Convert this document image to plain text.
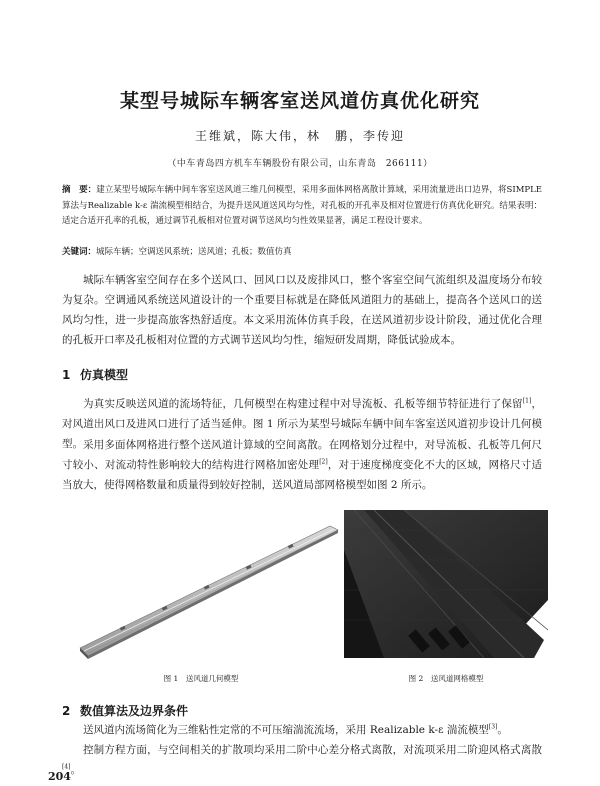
某型号城际车辆客室送风道仿真优化研究
王维斌，陈大伟，林　鹏，李传迎
（中车青岛四方机车车辆股份有限公司，山东青岛　266111）
摘　要：建立某型号城际车辆中间车客室送风道三维几何模型，采用多面体网格离散计算域，采用流量进出口边界，将SIMPLE算法与Realizable k-ε 湍流模型相结合，为提升送风道送风均匀性，对孔板的开孔率及相对位置进行仿真优化研究。结果表明：适定合适开孔率的孔板，通过调节孔板相对位置对调节送风均匀性效果显著，满足工程设计要求。
关键词：城际车辆；空调送风系统；送风道；孔板；数值仿真
城际车辆客室空间存在多个送风口、回风口以及废排风口，整个客室空间气流组织及温度场分布较为复杂。空调通风系统送风道设计的一个重要目标就是在降低风道阻力的基础上，提高各个送风口的送风均匀性，进一步提高旅客热舒适度。本文采用流体仿真手段，在送风道初步设计阶段，通过优化合理的孔板开口率及孔板相对位置的方式调节送风均匀性，缩短研发周期，降低试验成本。
1 仿真模型
为真实反映送风道的流场特征，几何模型在构建过程中对导流板、孔板等细节特征进行了保留[1]，对风道出风口及进风口进行了适当延伸。图 1 所示为某型号城际车辆中间车客室送风道初步设计几何模型。 采用多面体网格进行整个送风道计算域的空间离散。在网格划分过程中，对导流板、孔板等几何尺寸较小、对流动特性影响较大的结构进行网格加密处理[2]，对于速度梯度变化不大的区域，网格尺寸适当放大，使得网格数量和质量得到较好控制，送风道局部网格模型如图 2 所示。
图 1　送风道几何模型	图 2　送风道网格模型
2 数值算法及边界条件
送风道内流场简化为三维粘性定常的不可压缩湍流流场，采用 Realizable k-ε 湍流模型[3]。
控制方程方面，与空间相关的扩散项均采用二阶中心差分格式离散，对流项采用二阶迎风格式离散[4]。
204
